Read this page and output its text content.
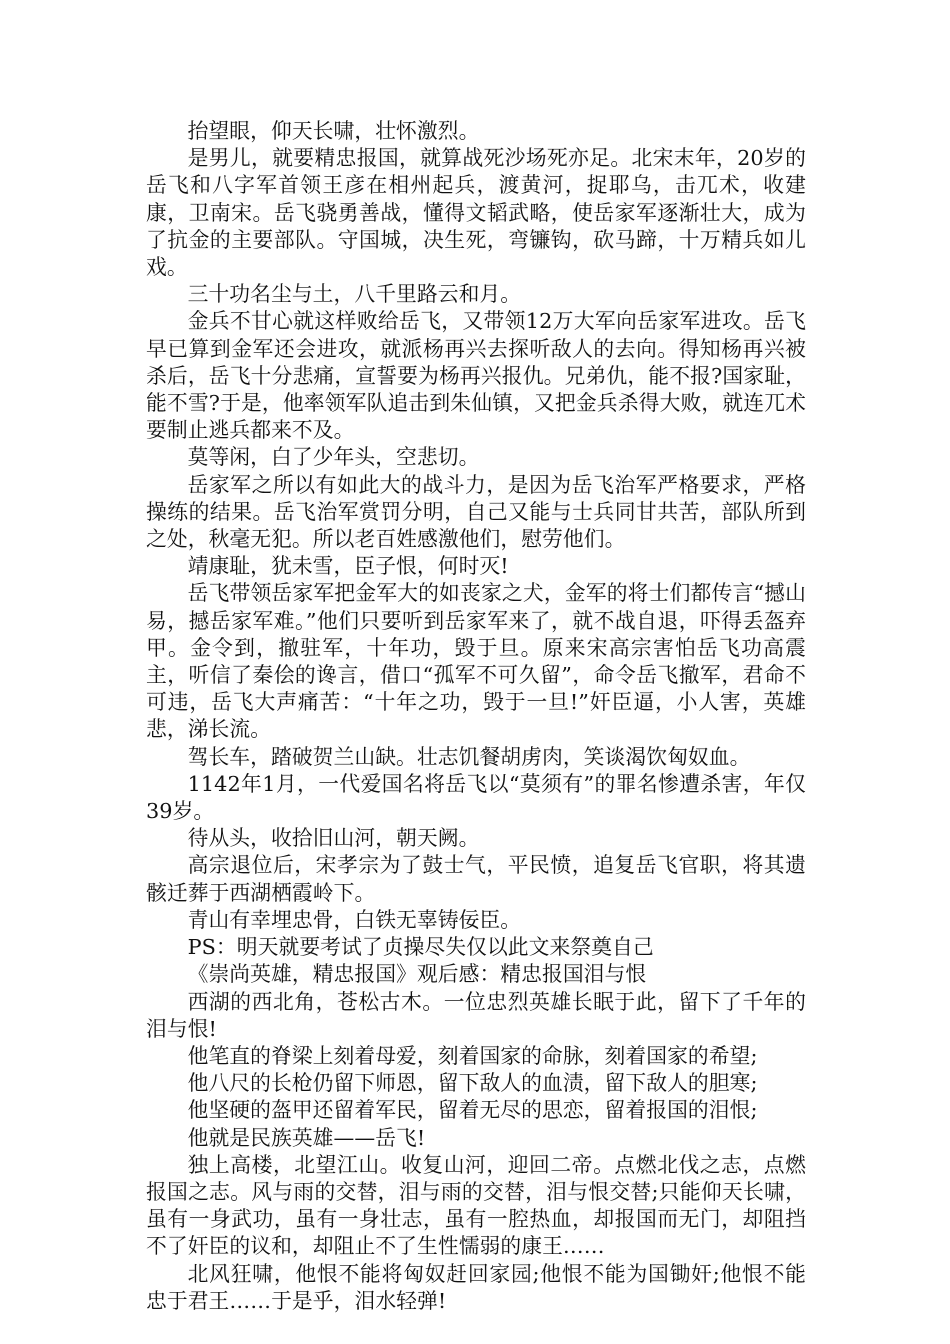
抬望眼，仰天长啸，壮怀激烈。

是男儿，就要精忠报国，就算战死沙场死亦足。北宋末年，20岁的岳飞和八字军首领王彦在相州起兵，渡黄河，捉耶乌，击兀术，收建康，卫南宋。岳飞骁勇善战，懂得文韬武略，使岳家军逐渐壮大，成为了抗金的主要部队。守国城，决生死，弯镰钩，砍马蹄，十万精兵如儿戏。

三十功名尘与土，八千里路云和月。

金兵不甘心就这样败给岳飞，又带领12万大军向岳家军进攻。岳飞早已算到金军还会进攻，就派杨再兴去探听敌人的去向。得知杨再兴被杀后，岳飞十分悲痛，宣誓要为杨再兴报仇。兄弟仇，能不报?国家耻，能不雪?于是，他率领军队追击到朱仙镇，又把金兵杀得大败，就连兀术要制止逃兵都来不及。

莫等闲，白了少年头，空悲切。

岳家军之所以有如此大的战斗力，是因为岳飞治军严格要求，严格操练的结果。岳飞治军赏罚分明，自己又能与士兵同甘共苦，部队所到之处，秋毫无犯。所以老百姓感激他们，慰劳他们。

靖康耻，犹未雪，臣子恨，何时灭!

岳飞带领岳家军把金军大的如丧家之犬，金军的将士们都传言“撼山易，撼岳家军难。”他们只要听到岳家军来了，就不战自退，吓得丢盔弃甲。金令到，撤驻军，十年功，毁于旦。原来宋高宗害怕岳飞功高震主，听信了秦侩的谗言，借口“孤军不可久留”，命令岳飞撤军，君命不可违，岳飞大声痛苦：“十年之功，毁于一旦!”奸臣逼，小人害，英雄悲，涕长流。

驾长车，踏破贺兰山缺。壮志饥餐胡虏肉，笑谈渴饮匈奴血。

1142年1月，一代爱国名将岳飞以“莫须有”的罪名惨遭杀害，年仅39岁。

待从头，收拾旧山河，朝天阙。

高宗退位后，宋孝宗为了鼓士气，平民愤，追复岳飞官职，将其遗骸迁葬于西湖栖霞岭下。

青山有幸埋忠骨，白铁无辜铸佞臣。

PS：明天就要考试了贞操尽失仅以此文来祭奠自己

《崇尚英雄，精忠报国》观后感：精忠报国泪与恨

西湖的西北角，苍松古木。一位忠烈英雄长眠于此，留下了千年的泪与恨!

他笔直的脊梁上刻着母爱，刻着国家的命脉，刻着国家的希望;

他八尺的长枪仍留下师恩，留下敌人的血渍，留下敌人的胆寒;

他坚硬的盔甲还留着军民，留着无尽的思恋，留着报国的泪恨;

他就是民族英雄——岳飞!

独上高楼，北望江山。收复山河，迎回二帝。点燃北伐之志，点燃报国之志。风与雨的交替，泪与雨的交替，泪与恨交替;只能仰天长啸，虽有一身武功，虽有一身壮志，虽有一腔热血，却报国而无门，却阻挡不了奸臣的议和，却阻止不了生性懦弱的康王……

北风狂啸，他恨不能将匈奴赶回家园;他恨不能为国锄奸;他恨不能忠于君王……于是乎，泪水轻弹!
